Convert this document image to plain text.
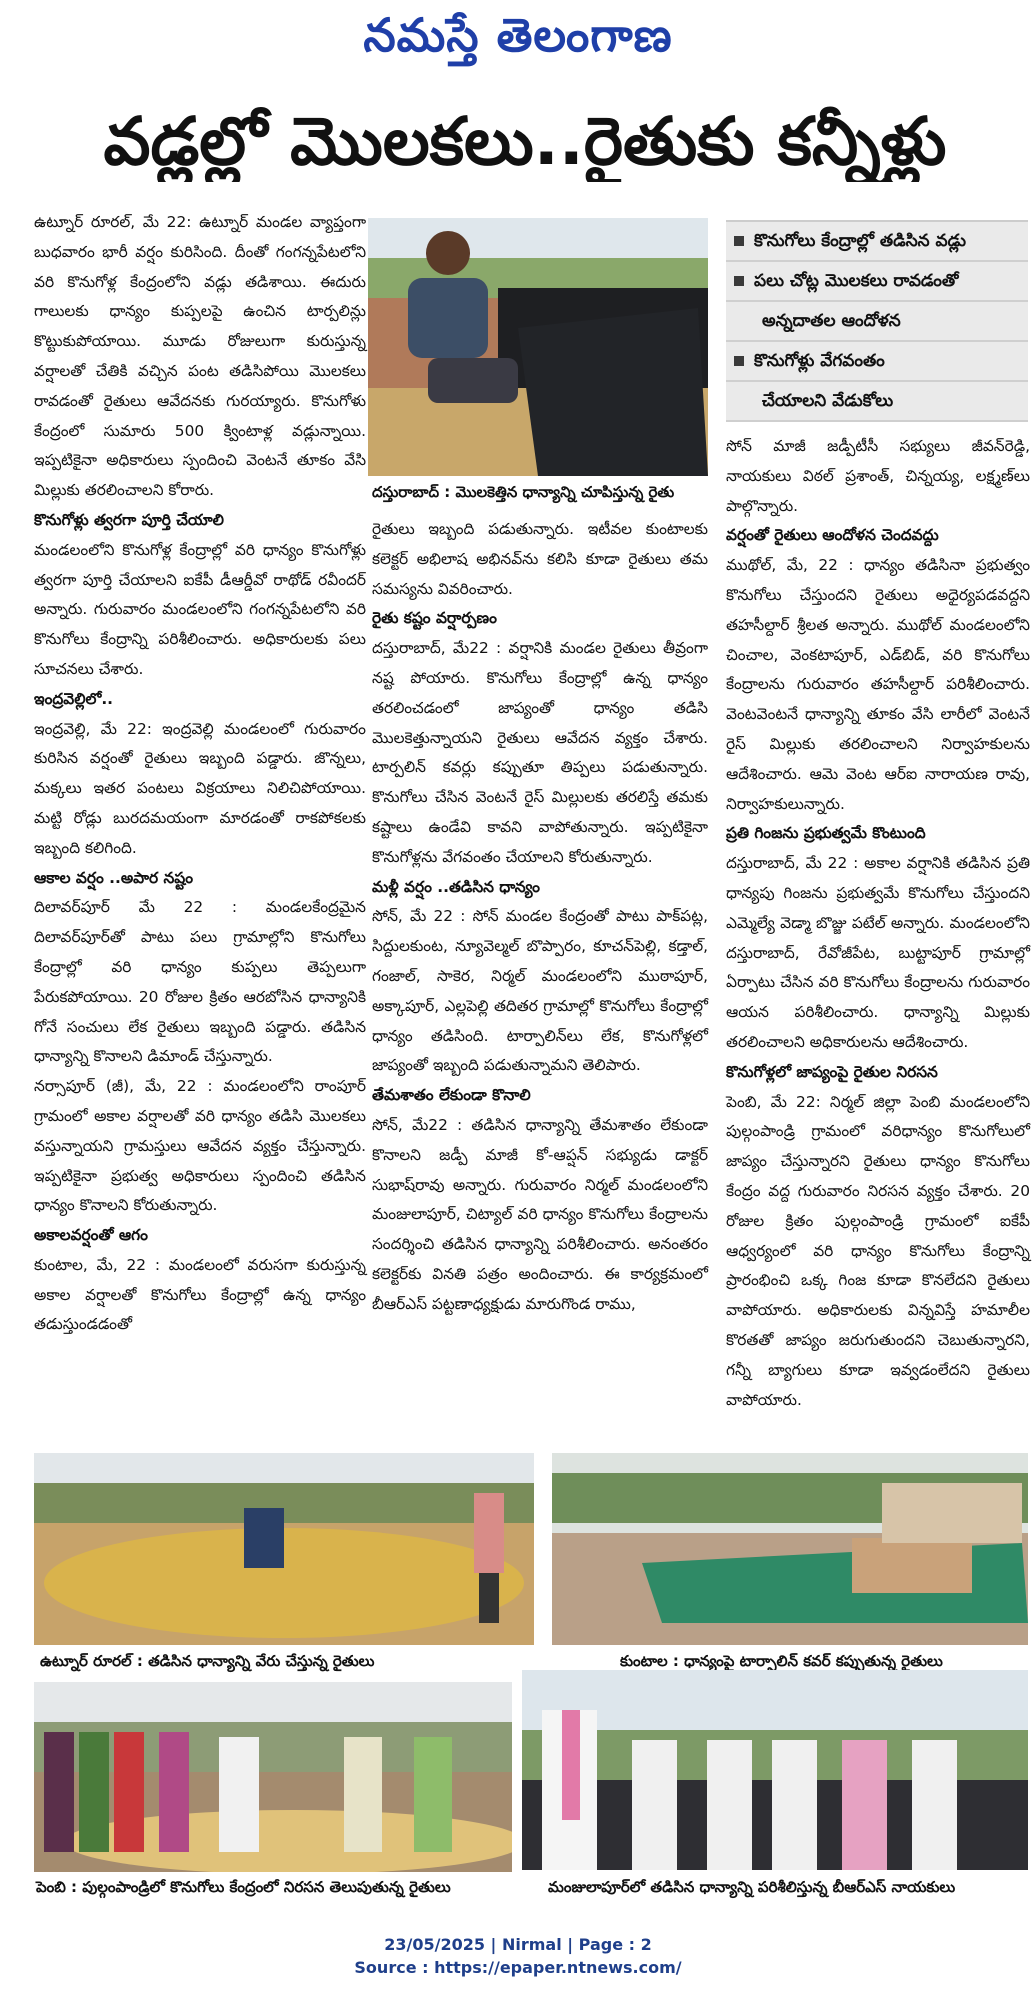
నమస్తే తెలంగాణ
వడ్లల్లో మొలకలు..రైతుకు కన్నీళ్లు

ఉట్నూర్ రూరల్, మే 22: ఉట్నూర్ మండల వ్యాప్తంగా బుధవారం భారీ వర్షం కురిసింది. దీంతో గంగన్నపేటలోని వరి కొనుగోళ్ల కేంద్రంలోని వడ్లు తడిశాయి. ఈదురు గాలులకు ధాన్యం కుప్పలపై ఉంచిన టార్పలిన్లు కొట్టుకుపోయాయి. మూడు రోజులుగా కురుస్తున్న వర్షాలతో చేతికి వచ్చిన పంట తడిసిపోయి మొలకలు రావడంతో రైతులు ఆవేదనకు గురయ్యారు. కొనుగోళు కేంద్రంలో సుమారు 500 క్వింటాళ్ల వడ్లున్నాయి. ఇప్పటికైనా అధికారులు స్పందించి వెంటనే తూకం వేసి మిల్లుకు తరలించాలని కోరారు.

కొనుగోళ్లు త్వరగా పూర్తి చేయాలి

మండలంలోని కొనుగోళ్ల కేంద్రాల్లో వరి ధాన్యం కొనుగోళ్లు త్వరగా పూర్తి చేయాలని ఐకేపీ డీఆర్డీవో రాథోడ్ రవీందర్ అన్నారు. గురువారం మండలంలోని గంగన్నపేటలోని వరి కొనుగోలు కేంద్రాన్ని పరిశీలించారు. అధికారులకు పలు సూచనలు చేశారు.

ఇంద్రవెల్లిలో..

ఇంద్రవెల్లి, మే 22: ఇంద్రవెల్లి మండలంలో గురువారం కురిసిన వర్షంతో రైతులు ఇబ్బంది పడ్డారు. జొన్నలు, మక్కలు ఇతర పంటలు విక్రయాలు నిలిచిపోయాయి. మట్టి రోడ్లు బురదమయంగా మారడంతో రాకపోకలకు ఇబ్బంది కలిగింది.

ఆకాల వర్షం ..అపార నష్టం

దిలావర్‌పూర్ మే 22 : మండలకేంద్రమైన దిలావర్‌పూర్‌తో పాటు పలు గ్రామాల్లోని కొనుగోలు కేంద్రాల్లో వరి ధాన్యం కుప్పలు తెప్పలుగా పేరుకపోయాయి. 20 రోజుల క్రితం ఆరబోసిన ధాన్యానికి గోనే సంచులు లేక రైతులు ఇబ్బంది పడ్డారు. తడిసిన ధాన్యాన్ని కొనాలని డిమాండ్ చేస్తున్నారు.

నర్సాపూర్ (జీ), మే, 22 : మండలంలోని రాంపూర్ గ్రామంలో అకాల వర్షాలతో వరి ధాన్యం తడిసి మొలకలు వస్తున్నాయని గ్రామస్తులు ఆవేదన వ్యక్తం చేస్తున్నారు. ఇప్పటికైనా ప్రభుత్వ అధికారులు స్పందించి తడిసిన ధాన్యం కొనాలని కోరుతున్నారు.

అకాలవర్షంతో ఆగం

కుంటాల, మే, 22 : మండలంలో వరుసగా కురుస్తున్న అకాల వర్షాలతో కొనుగోలు కేంద్రాల్లో ఉన్న ధాన్యం తడుస్తుండడంతో

దస్తురాబాద్ : మొలకెత్తిన ధాన్యాన్ని చూపిస్తున్న రైతు

రైతులు ఇబ్బంది పడుతున్నారు. ఇటీవల కుంటాలకు కలెక్టర్ అభిలాష అభినవ్‌ను కలిసి కూడా రైతులు తమ సమస్యను వివరించారు.

రైతు కష్టం వర్షార్పణం

దస్తురాబాద్, మే22 : వర్షానికి మండల రైతులు తీవ్రంగా నష్ట పోయారు. కొనుగోలు కేంద్రాల్లో ఉన్న ధాన్యం తరలించడంలో జాప్యంతో ధాన్యం తడిసి మొలకెత్తున్నాయని రైతులు ఆవేదన వ్యక్తం చేశారు. టార్పలిన్ కవర్లు కప్పుతూ తిప్పలు పడుతున్నారు. కొనుగోలు చేసిన వెంటనే రైస్ మిల్లులకు తరలిస్తే తమకు కష్టాలు ఉండేవి కావని వాపోతున్నారు. ఇప్పటికైనా కొనుగోళ్లను వేగవంతం చేయాలని కోరుతున్నారు.

మళ్లీ వర్షం ..తడిసిన ధాన్యం

సోన్, మే 22 : సోన్ మండల కేంద్రంతో పాటు పాక్‌పట్ల, సిద్దులకుంట, న్యూవెల్మల్ బొప్పారం, కూచన్‌పెల్లి, కడ్తాల్, గంజాల్, సాకెర, నిర్మల్ మండలంలోని ముఠాపూర్, అక్కాపూర్, ఎల్లపెల్లి తదితర గ్రామాల్లో కొనుగోలు కేంద్రాల్లో ధాన్యం తడిసింది. టార్పాలిన్‌లు లేక, కొనుగోళ్లలో జాప్యంతో ఇబ్బంది పడుతున్నామని తెలిపారు.

తేమశాతం లేకుండా కొనాలి

సోన్, మే22 : తడిసిన ధాన్యాన్ని తేమశాతం లేకుండా కొనాలని జడ్పీ మాజీ కో-ఆప్షన్ సభ్యుడు డాక్టర్ సుభాష్‌రావు అన్నారు. గురువారం నిర్మల్ మండలంలోని మంజులాపూర్, చిట్యాల్ వరి ధాన్యం కొనుగోలు కేంద్రాలను సందర్శించి తడిసిన ధాన్యాన్ని పరిశీలించారు. అనంతరం కలెక్టర్‌కు వినతి పత్రం అందించారు. ఈ కార్యక్రమంలో బీఆర్ఎస్ పట్టణాధ్యక్షుడు మారుగొండ రాము,

కొనుగోలు కేంద్రాల్లో తడిసిన వడ్లు
పలు చోట్ల మొలకలు రావడంతో
అన్నదాతల ఆందోళన
కొనుగోళ్లు వేగవంతం
చేయాలని వేడుకోలు

సోన్ మాజీ జడ్పీటీసీ సభ్యులు జీవన్‌రెడ్డి, నాయకులు విఠల్ ప్రశాంత్, చిన్నయ్య, లక్ష్మణ్‌లు పాల్గొన్నారు.

వర్షంతో రైతులు ఆందోళన చెందవద్దు

ముథోల్, మే, 22 : ధాన్యం తడిసినా ప్రభుత్వం కొనుగోలు చేస్తుందని రైతులు అధైర్యపడవద్దని తహసీల్దార్ శ్రీలత అన్నారు. ముథోల్ మండలంలోని చించాల, వెంకటాపూర్, ఎడ్‌బిడ్, వరి కొనుగోలు కేంద్రాలను గురువారం తహసీల్దార్ పరిశీలించారు. వెంటవెంటనే ధాన్యాన్ని తూకం వేసి లారీలో వెంటనే రైస్ మిల్లుకు తరలించాలని నిర్వాహకులను ఆదేశించారు. ఆమె వెంట ఆర్ఐ నారాయణ రావు, నిర్వాహకులున్నారు.

ప్రతి గింజను ప్రభుత్వమే కొంటుంది

దస్తురాబాద్, మే 22 : అకాల వర్షానికి తడిసిన ప్రతి ధాన్యపు గింజను ప్రభుత్వమే కొనుగోలు చేస్తుందని ఎమ్మెల్యే వెడ్మా బొజ్జు పటేల్ అన్నారు. మండలంలోని దస్తురాబాద్, రేవోజీపేట, బుట్టాపూర్ గ్రామాల్లో ఏర్పాటు చేసిన వరి కొనుగోలు కేంద్రాలను గురువారం ఆయన పరిశీలించారు. ధాన్యాన్ని మిల్లుకు తరలించాలని అధికారులను ఆదేశించారు.

కొనుగోళ్లలో జాప్యంపై రైతుల నిరసన

పెంబి, మే 22: నిర్మల్ జిల్లా పెంబి మండలంలోని పుల్గంపాండ్రి గ్రామంలో వరిధాన్యం కొనుగోలులో జాప్యం చేస్తున్నారని రైతులు ధాన్యం కొనుగోలు కేంద్రం వద్ద గురువారం నిరసన వ్యక్తం చేశారు. 20 రోజుల క్రితం పుల్గంపాండ్రి గ్రామంలో ఐకేపీ ఆధ్వర్యంలో వరి ధాన్యం కొనుగోలు కేంద్రాన్ని ప్రారంభించి ఒక్క గింజ కూడా కొనలేదని రైతులు వాపోయారు. అధికారులకు విన్నవిస్తే హమాలీల కొరతతో జాప్యం జరుగుతుందని చెబుతున్నారని, గన్నీ బ్యాగులు కూడా ఇవ్వడంలేదని రైతులు వాపోయారు.

ఉట్నూర్ రూరల్ : తడిసిన ధాన్యాన్ని వేరు చేస్తున్న రైతులు	కుంటాల : ధాన్యంపై టార్పాలిన్ కవర్ కప్పుతున్న రైతులు
పెంబి : పుల్గంపాండ్రిలో కొనుగోలు కేంద్రంలో నిరసన తెలుపుతున్న రైతులు	మంజులాపూర్‌లో తడిసిన ధాన్యాన్ని పరిశీలిస్తున్న బీఆర్ఎస్ నాయకులు
23/05/2025 | Nirmal | Page : 2
Source : https://epaper.ntnews.com/
